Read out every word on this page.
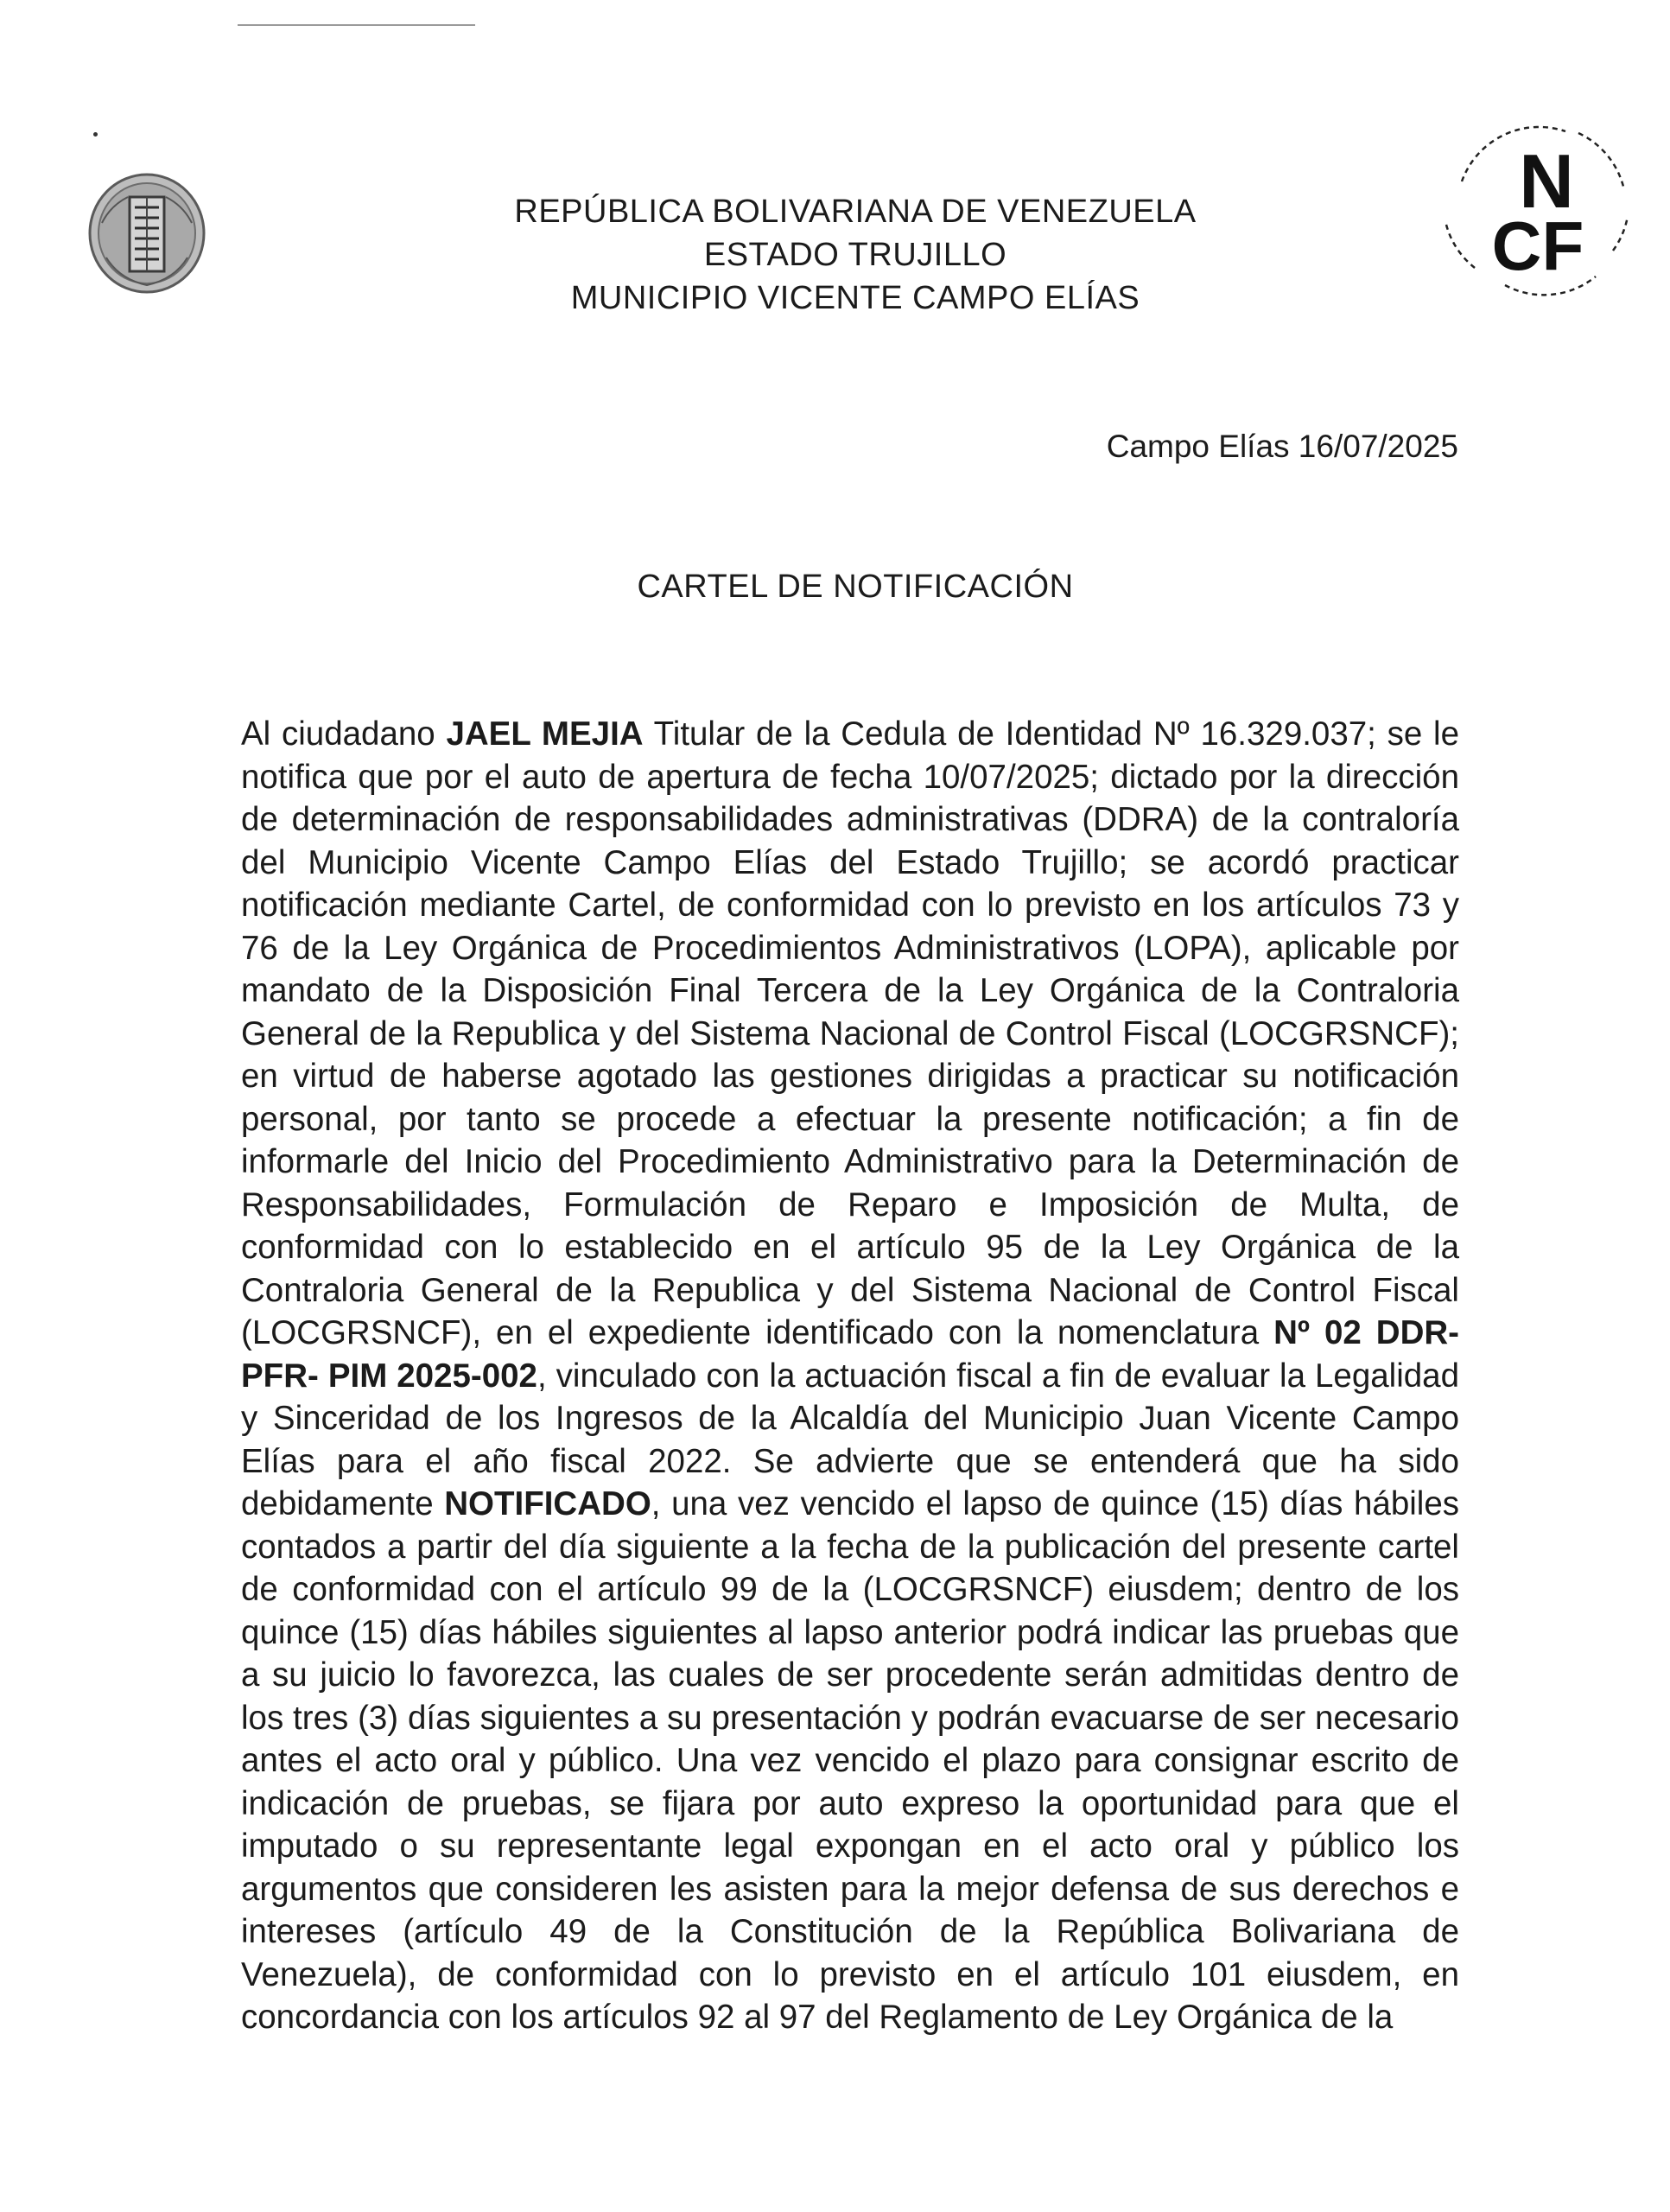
N
CF
REPÚBLICA BOLIVARIANA DE VENEZUELA
ESTADO TRUJILLO
MUNICIPIO VICENTE CAMPO ELÍAS
Campo Elías 16/07/2025
CARTEL DE NOTIFICACIÓN
Al ciudadano JAEL MEJIA Titular de la Cedula de Identidad Nº 16.329.037; se le notifica que por el auto de apertura de fecha 10/07/2025; dictado por la dirección de determinación de responsabilidades administrativas (DDRA) de la contraloría del Municipio Vicente Campo Elías del Estado Trujillo; se acordó practicar notificación mediante Cartel, de conformidad con lo previsto en los artículos 73 y 76 de la Ley Orgánica de Procedimientos Administrativos (LOPA), aplicable por mandato de la Disposición Final Tercera de la Ley Orgánica de la Contraloria General de la Republica y del Sistema Nacional de Control Fiscal (LOCGRSNCF); en virtud de haberse agotado las gestiones dirigidas a practicar su notificación personal, por tanto se procede a efectuar la presente notificación; a fin de informarle del Inicio del Procedimiento Administrativo para la Determinación de Responsabilidades, Formulación de Reparo e Imposición de Multa, de conformidad con lo establecido en el artículo 95 de la Ley Orgánica de la Contraloria General de la Republica y del Sistema Nacional de Control Fiscal (LOCGRSNCF), en el expediente identificado con la nomenclatura Nº 02 DDR-PFR- PIM 2025-002, vinculado con la actuación fiscal a fin de evaluar la Legalidad y Sinceridad de los Ingresos de la Alcaldía del Municipio Juan Vicente Campo Elías para el año fiscal 2022. Se advierte que se entenderá que ha sido debidamente NOTIFICADO, una vez vencido el lapso de quince (15) días hábiles contados a partir del día siguiente a la fecha de la publicación del presente cartel de conformidad con el artículo 99 de la (LOCGRSNCF) eiusdem; dentro de los quince (15) días hábiles siguientes al lapso anterior podrá indicar las pruebas que a su juicio lo favorezca, las cuales de ser procedente serán admitidas dentro de los tres (3) días siguientes a su presentación y podrán evacuarse de ser necesario antes el acto oral y público. Una vez vencido el plazo para consignar escrito de indicación de pruebas, se fijara por auto expreso la oportunidad para que el imputado o su representante legal expongan en el acto oral y público los argumentos que consideren les asisten para la mejor defensa de sus derechos e intereses (artículo 49 de la Constitución de la República Bolivariana de Venezuela), de conformidad con lo previsto en el artículo 101 eiusdem, en concordancia con los artículos 92 al 97 del Reglamento de Ley Orgánica de la
